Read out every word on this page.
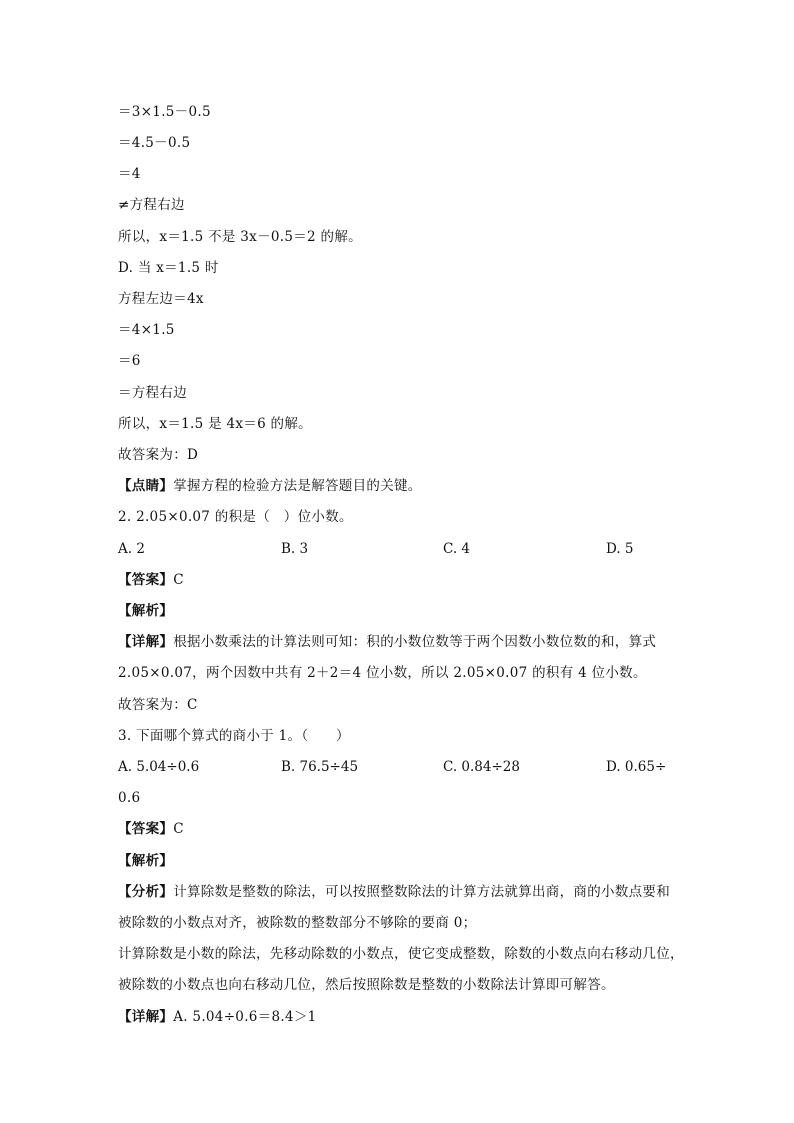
＝3×1.5－0.5
＝4.5－0.5
＝4
≠方程右边
所以，x＝1.5 不是 3x－0.5＝2 的解。
D. 当 x＝1.5 时
方程左边＝4x
＝4×1.5
＝6
＝方程右边
所以，x＝1.5 是 4x＝6 的解。
故答案为：D
【点睛】掌握方程的检验方法是解答题目的关键。
2. 2.05×0.07 的积是（　）位小数。
A. 2	B. 3	C. 4	D. 5
【答案】C
【解析】
【详解】根据小数乘法的计算法则可知：积的小数位数等于两个因数小数位数的和，算式
2.05×0.07，两个因数中共有 2＋2＝4 位小数，所以 2.05×0.07 的积有 4 位小数。
故答案为：C
3. 下面哪个算式的商小于 1。（　　）
A. 5.04÷0.6	B. 76.5÷45	C. 0.84÷28	D. 0.65÷
0.6
【答案】C
【解析】
【分析】计算除数是整数的除法，可以按照整数除法的计算方法就算出商，商的小数点要和
被除数的小数点对齐，被除数的整数部分不够除的要商 0；
计算除数是小数的除法，先移动除数的小数点，使它变成整数，除数的小数点向右移动几位，
被除数的小数点也向右移动几位，然后按照除数是整数的小数除法计算即可解答。
【详解】A. 5.04÷0.6＝8.4＞1
